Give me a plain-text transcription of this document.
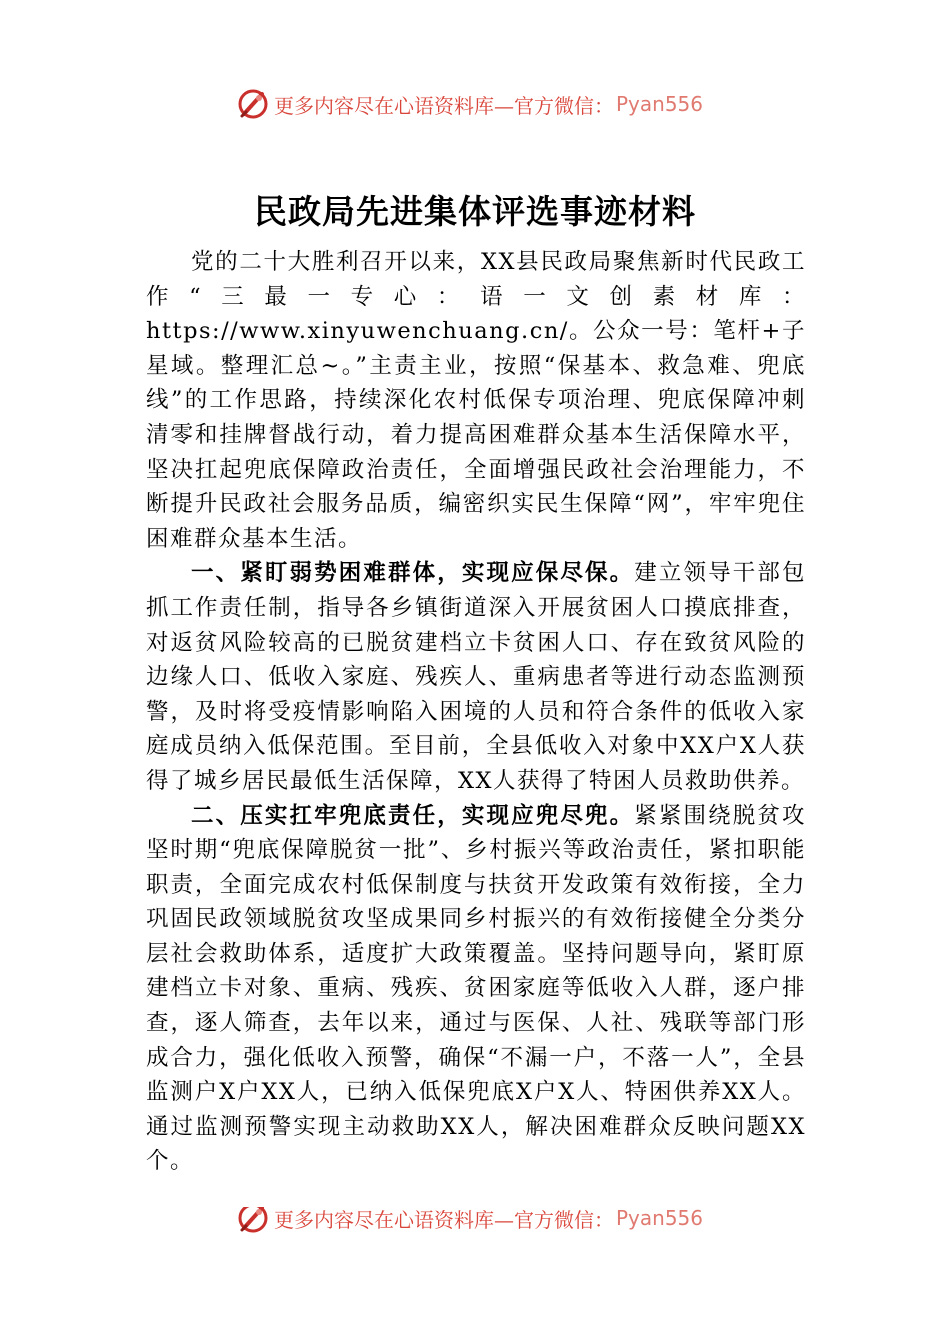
更多内容尽在心语资料库—官方微信： Pyan556
民政局先进集体评选事迹材料

党的二十大胜利召开以来，XX县民政局聚焦新时代民政工作“三最一专心：语一文创素材库：https://www.xinyuwenchuang.cn/。公众一号：笔杆+子星域。整理汇总~。”主责主业，按照“保基本、救急难、兜底线”的工作思路，持续深化农村低保专项治理、兜底保障冲刺清零和挂牌督战行动，着力提高困难群众基本生活保障水平，坚决扛起兜底保障政治责任，全面增强民政社会治理能力，不断提升民政社会服务品质，编密织实民生保障“网”，牢牢兜住困难群众基本生活。

一、紧盯弱势困难群体，实现应保尽保。建立领导干部包抓工作责任制，指导各乡镇街道深入开展贫困人口摸底排查，对返贫风险较高的已脱贫建档立卡贫困人口、存在致贫风险的边缘人口、低收入家庭、残疾人、重病患者等进行动态监测预警，及时将受疫情影响陷入困境的人员和符合条件的低收入家庭成员纳入低保范围。至目前，全县低收入对象中XX户X人获得了城乡居民最低生活保障，XX人获得了特困人员救助供养。

二、压实扛牢兜底责任，实现应兜尽兜。紧紧围绕脱贫攻坚时期“兜底保障脱贫一批”、乡村振兴等政治责任，紧扣职能职责，全面完成农村低保制度与扶贫开发政策有效衔接，全力巩固民政领域脱贫攻坚成果同乡村振兴的有效衔接健全分类分层社会救助体系，适度扩大政策覆盖。坚持问题导向，紧盯原建档立卡对象、重病、残疾、贫困家庭等低收入人群，逐户排查，逐人筛查，去年以来，通过与医保、人社、残联等部门形成合力，强化低收入预警，确保“不漏一户，不落一人”，全县监测户X户XX人，已纳入低保兜底X户X人、特困供养XX人。通过监测预警实现主动救助XX人，解决困难群众反映问题XX个。

更多内容尽在心语资料库—官方微信： Pyan556
